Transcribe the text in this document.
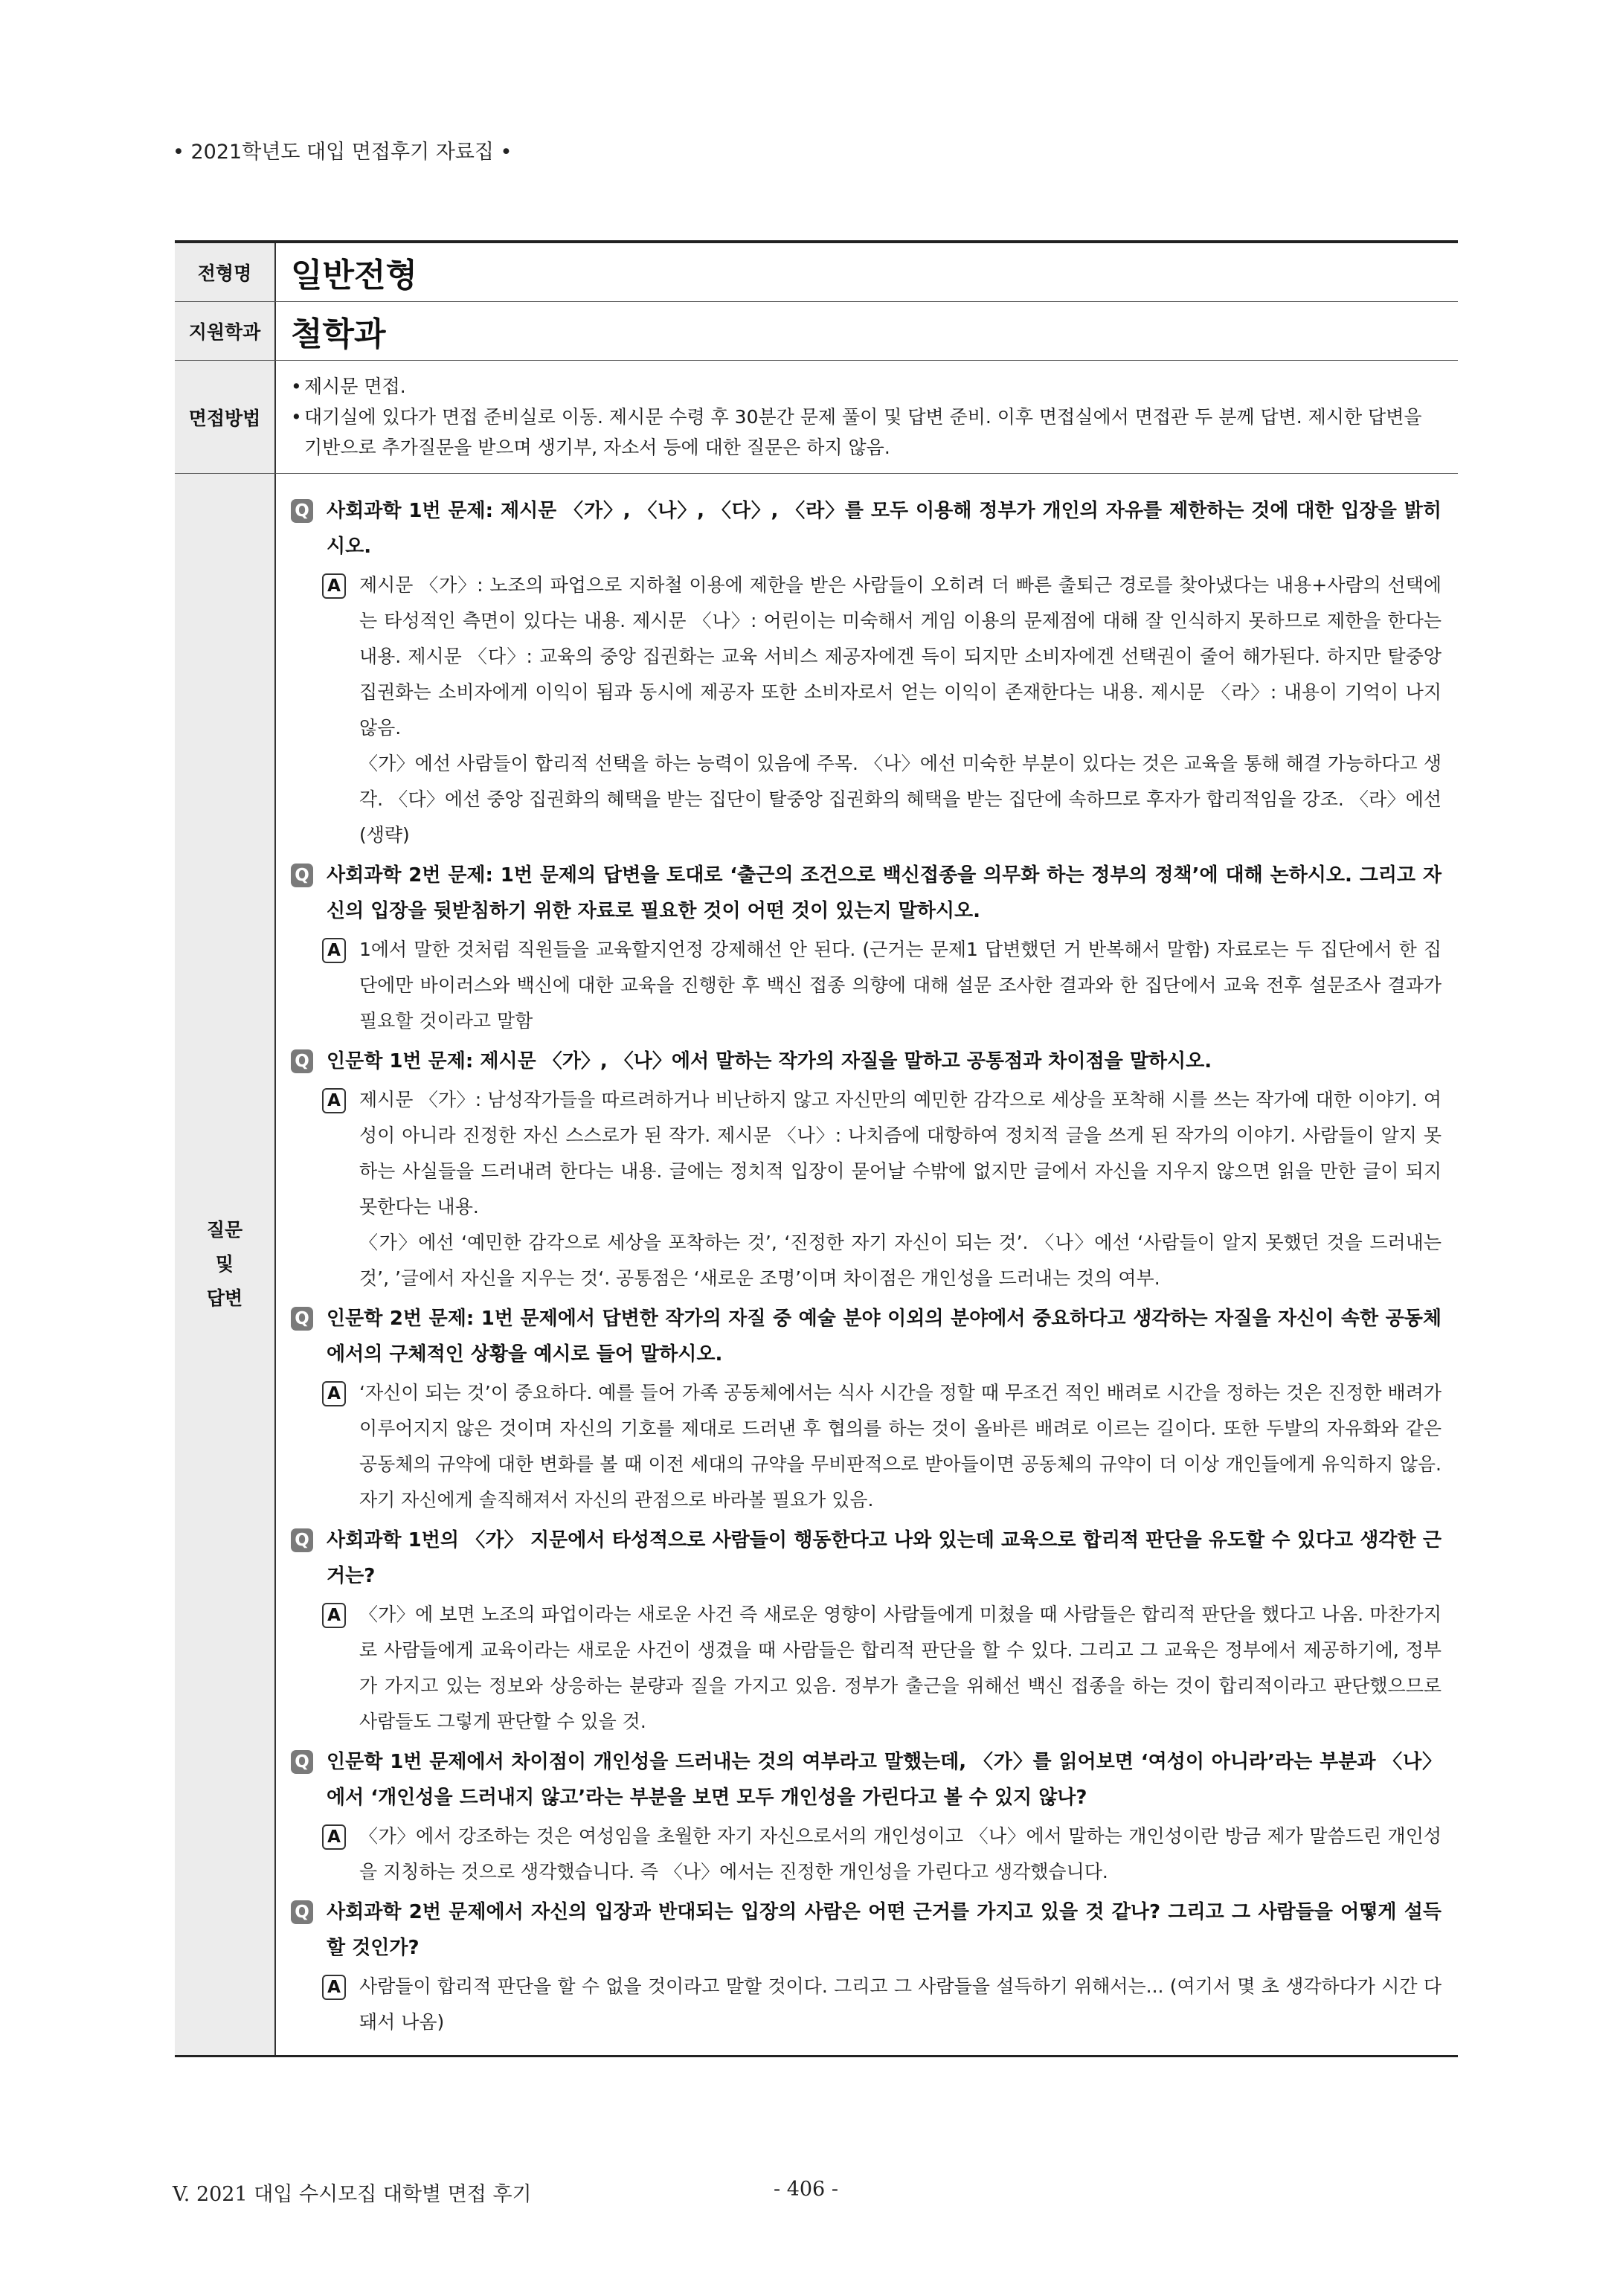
• 2021학년도 대입 면접후기 자료집 •
전형명	일반전형
지원학과 철학과
면접방법
• 제시문 면접.
• 대기실에 있다가 면접 준비실로 이동. 제시문 수령 후 30분간 문제 풀이 및 답변 준비. 이후 면접실에서 면접관 두 분께 답변. 제시한 답변을 기반으로 추가질문을 받으며 생기부, 자소서 등에 대한 질문은 하지 않음.
질문
및
답변
Q 사회과학 1번 문제: 제시문 〈가〉, 〈나〉, 〈다〉, 〈라〉를 모두 이용해 정부가 개인의 자유를 제한하는 것에 대한 입장을 밝히시오.
A 제시문 〈가〉: 노조의 파업으로 지하철 이용에 제한을 받은 사람들이 오히려 더 빠른 출퇴근 경로를 찾아냈다는 내용+사람의 선택에는 타성적인 측면이 있다는 내용. 제시문 〈나〉: 어린이는 미숙해서 게임 이용의 문제점에 대해 잘 인식하지 못하므로 제한을 한다는 내용. 제시문 〈다〉: 교육의 중앙 집권화는 교육 서비스 제공자에겐 득이 되지만 소비자에겐 선택권이 줄어 해가된다. 하지만 탈중앙 집권화는 소비자에게 이익이 됨과 동시에 제공자 또한 소비자로서 얻는 이익이 존재한다는 내용. 제시문 〈라〉: 내용이 기억이 나지 않음.
〈가〉에선 사람들이 합리적 선택을 하는 능력이 있음에 주목. 〈나〉에선 미숙한 부분이 있다는 것은 교육을 통해 해결 가능하다고 생각. 〈다〉에선 중앙 집권화의 혜택을 받는 집단이 탈중앙 집권화의 혜택을 받는 집단에 속하므로 후자가 합리적임을 강조. 〈라〉에선 (생략)
Q 사회과학 2번 문제: 1번 문제의 답변을 토대로 ‘출근의 조건으로 백신접종을 의무화 하는 정부의 정책’에 대해 논하시오. 그리고 자신의 입장을 뒷받침하기 위한 자료로 필요한 것이 어떤 것이 있는지 말하시오.
A 1에서 말한 것처럼 직원들을 교육할지언정 강제해선 안 된다. (근거는 문제1 답변했던 거 반복해서 말함) 자료로는 두 집단에서 한 집단에만 바이러스와 백신에 대한 교육을 진행한 후 백신 접종 의향에 대해 설문 조사한 결과와 한 집단에서 교육 전후 설문조사 결과가 필요할 것이라고 말함
Q 인문학 1번 문제: 제시문 〈가〉, 〈나〉에서 말하는 작가의 자질을 말하고 공통점과 차이점을 말하시오.
A 제시문 〈가〉: 남성작가들을 따르려하거나 비난하지 않고 자신만의 예민한 감각으로 세상을 포착해 시를 쓰는 작가에 대한 이야기. 여성이 아니라 진정한 자신 스스로가 된 작가. 제시문 〈나〉: 나치즘에 대항하여 정치적 글을 쓰게 된 작가의 이야기. 사람들이 알지 못하는 사실들을 드러내려 한다는 내용. 글에는 정치적 입장이 묻어날 수밖에 없지만 글에서 자신을 지우지 않으면 읽을 만한 글이 되지 못한다는 내용.
〈가〉에선 ‘예민한 감각으로 세상을 포착하는 것’, ‘진정한 자기 자신이 되는 것’. 〈나〉에선 ‘사람들이 알지 못했던 것을 드러내는 것’, ’글에서 자신을 지우는 것‘. 공통점은 ‘새로운 조명’이며 차이점은 개인성을 드러내는 것의 여부.
Q 인문학 2번 문제: 1번 문제에서 답변한 작가의 자질 중 예술 분야 이외의 분야에서 중요하다고 생각하는 자질을 자신이 속한 공동체에서의 구체적인 상황을 예시로 들어 말하시오.
A ‘자신이 되는 것’이 중요하다. 예를 들어 가족 공동체에서는 식사 시간을 정할 때 무조건 적인 배려로 시간을 정하는 것은 진정한 배려가 이루어지지 않은 것이며 자신의 기호를 제대로 드러낸 후 협의를 하는 것이 올바른 배려로 이르는 길이다. 또한 두발의 자유화와 같은 공동체의 규약에 대한 변화를 볼 때 이전 세대의 규약을 무비판적으로 받아들이면 공동체의 규약이 더 이상 개인들에게 유익하지 않음. 자기 자신에게 솔직해져서 자신의 관점으로 바라볼 필요가 있음.
Q 사회과학 1번의 〈가〉 지문에서 타성적으로 사람들이 행동한다고 나와 있는데 교육으로 합리적 판단을 유도할 수 있다고 생각한 근거는?
A 〈가〉에 보면 노조의 파업이라는 새로운 사건 즉 새로운 영향이 사람들에게 미쳤을 때 사람들은 합리적 판단을 했다고 나옴. 마찬가지로 사람들에게 교육이라는 새로운 사건이 생겼을 때 사람들은 합리적 판단을 할 수 있다. 그리고 그 교육은 정부에서 제공하기에, 정부가 가지고 있는 정보와 상응하는 분량과 질을 가지고 있음. 정부가 출근을 위해선 백신 접종을 하는 것이 합리적이라고 판단했으므로 사람들도 그렇게 판단할 수 있을 것.
Q 인문학 1번 문제에서 차이점이 개인성을 드러내는 것의 여부라고 말했는데, 〈가〉를 읽어보면 ‘여성이 아니라’라는 부분과 〈나〉에서 ‘개인성을 드러내지 않고’라는 부분을 보면 모두 개인성을 가린다고 볼 수 있지 않나?
A 〈가〉에서 강조하는 것은 여성임을 초월한 자기 자신으로서의 개인성이고 〈나〉에서 말하는 개인성이란 방금 제가 말씀드린 개인성을 지칭하는 것으로 생각했습니다. 즉 〈나〉에서는 진정한 개인성을 가린다고 생각했습니다.
Q 사회과학 2번 문제에서 자신의 입장과 반대되는 입장의 사람은 어떤 근거를 가지고 있을 것 같나? 그리고 그 사람들을 어떻게 설득할 것인가?
A 사람들이 합리적 판단을 할 수 없을 것이라고 말할 것이다. 그리고 그 사람들을 설득하기 위해서는... (여기서 몇 초 생각하다가 시간 다 돼서 나옴)
V. 2021 대입 수시모집 대학별 면접 후기	- 406 -
